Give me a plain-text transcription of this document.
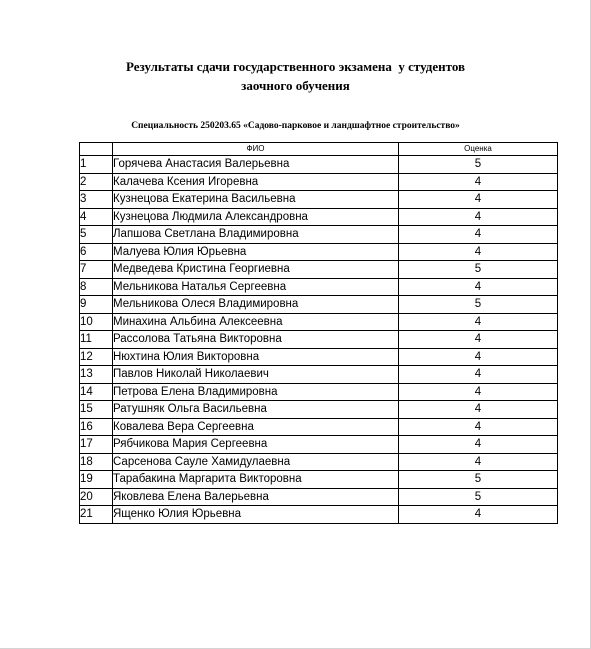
Результаты сдачи государственного экзамена  у студентов
заочного обучения
Специальность 250203.65 «Садово-парковое и ландшафтное строительство»
	ФИО	Оценка
1	Горячева Анастасия Валерьевна	5
2	Калачева Ксения Игоревна	4
3	Кузнецова Екатерина Васильевна	4
4	Кузнецова Людмила Александровна	4
5	Лапшова Светлана Владимировна	4
6	Малуева Юлия Юрьевна	4
7	Медведева Кристина Георгиевна	5
8	Мельникова Наталья Сергеевна	4
9	Мельникова Олеся Владимировна	5
10	Минахина Альбина Алексеевна	4
11	Рассолова Татьяна Викторовна	4
12	Нюхтина Юлия Викторовна	4
13	Павлов Николай Николаевич	4
14	Петрова Елена Владимировна	4
15	Ратушняк Ольга Васильевна	4
16	Ковалева Вера Сергеевна	4
17	Рябчикова Мария Сергеевна	4
18	Сарсенова Сауле Хамидулаевна	4
19	Тарабакина Маргарита Викторовна	5
20	Яковлева Елена Валерьевна	5
21	Ященко Юлия Юрьевна	4
